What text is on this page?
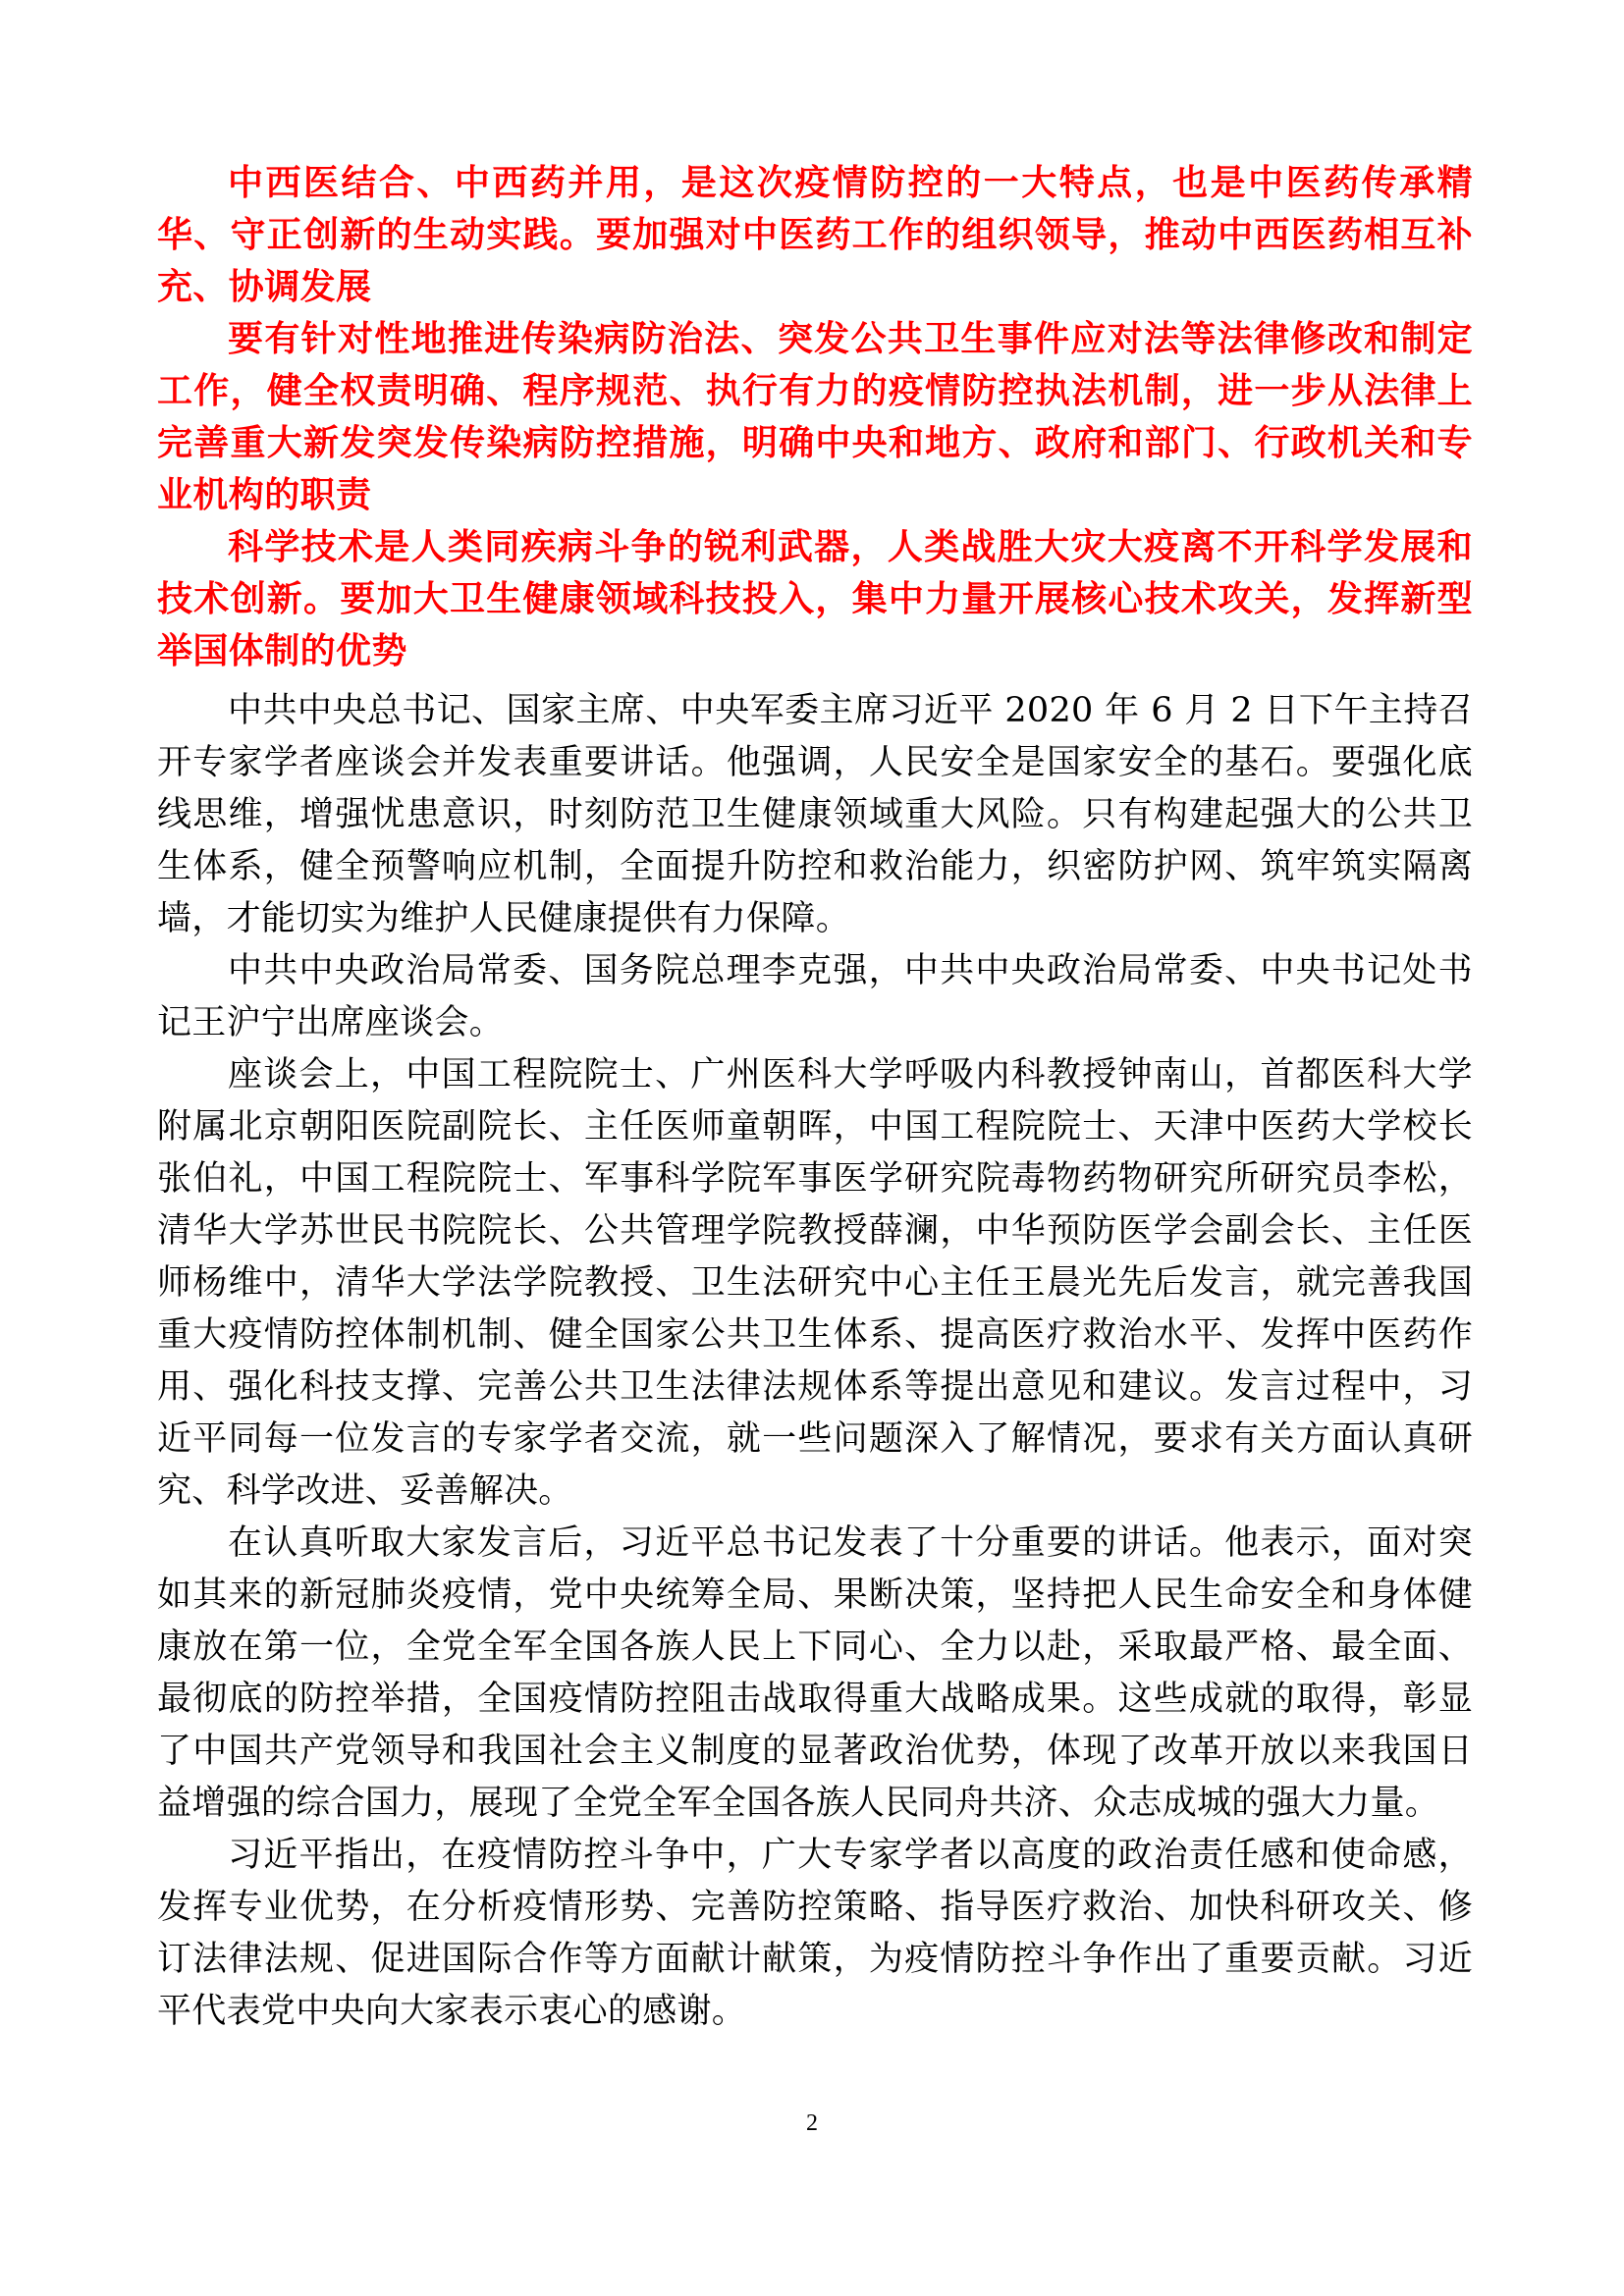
中西医结合、中西药并用，是这次疫情防控的一大特点，也是中医药传承精华、守正创新的生动实践。要加强对中医药工作的组织领导，推动中西医药相互补充、协调发展

要有针对性地推进传染病防治法、突发公共卫生事件应对法等法律修改和制定工作，健全权责明确、程序规范、执行有力的疫情防控执法机制，进一步从法律上完善重大新发突发传染病防控措施，明确中央和地方、政府和部门、行政机关和专业机构的职责

科学技术是人类同疾病斗争的锐利武器，人类战胜大灾大疫离不开科学发展和技术创新。要加大卫生健康领域科技投入，集中力量开展核心技术攻关，发挥新型举国体制的优势

中共中央总书记、国家主席、中央军委主席习近平 2020 年 6 月 2 日下午主持召开专家学者座谈会并发表重要讲话。他强调，人民安全是国家安全的基石。要强化底线思维，增强忧患意识，时刻防范卫生健康领域重大风险。只有构建起强大的公共卫生体系，健全预警响应机制，全面提升防控和救治能力，织密防护网、筑牢筑实隔离墙，才能切实为维护人民健康提供有力保障。

中共中央政治局常委、国务院总理李克强，中共中央政治局常委、中央书记处书记王沪宁出席座谈会。

座谈会上，中国工程院院士、广州医科大学呼吸内科教授钟南山，首都医科大学附属北京朝阳医院副院长、主任医师童朝晖，中国工程院院士、天津中医药大学校长张伯礼，中国工程院院士、军事科学院军事医学研究院毒物药物研究所研究员李松，清华大学苏世民书院院长、公共管理学院教授薛澜，中华预防医学会副会长、主任医师杨维中，清华大学法学院教授、卫生法研究中心主任王晨光先后发言，就完善我国重大疫情防控体制机制、健全国家公共卫生体系、提高医疗救治水平、发挥中医药作用、强化科技支撑、完善公共卫生法律法规体系等提出意见和建议。发言过程中，习近平同每一位发言的专家学者交流，就一些问题深入了解情况，要求有关方面认真研究、科学改进、妥善解决。

在认真听取大家发言后，习近平总书记发表了十分重要的讲话。他表示，面对突如其来的新冠肺炎疫情，党中央统筹全局、果断决策，坚持把人民生命安全和身体健康放在第一位，全党全军全国各族人民上下同心、全力以赴，采取最严格、最全面、最彻底的防控举措，全国疫情防控阻击战取得重大战略成果。这些成就的取得，彰显了中国共产党领导和我国社会主义制度的显著政治优势，体现了改革开放以来我国日益增强的综合国力，展现了全党全军全国各族人民同舟共济、众志成城的强大力量。

习近平指出，在疫情防控斗争中，广大专家学者以高度的政治责任感和使命感，发挥专业优势，在分析疫情形势、完善防控策略、指导医疗救治、加快科研攻关、修订法律法规、促进国际合作等方面献计献策，为疫情防控斗争作出了重要贡献。习近平代表党中央向大家表示衷心的感谢。

2
